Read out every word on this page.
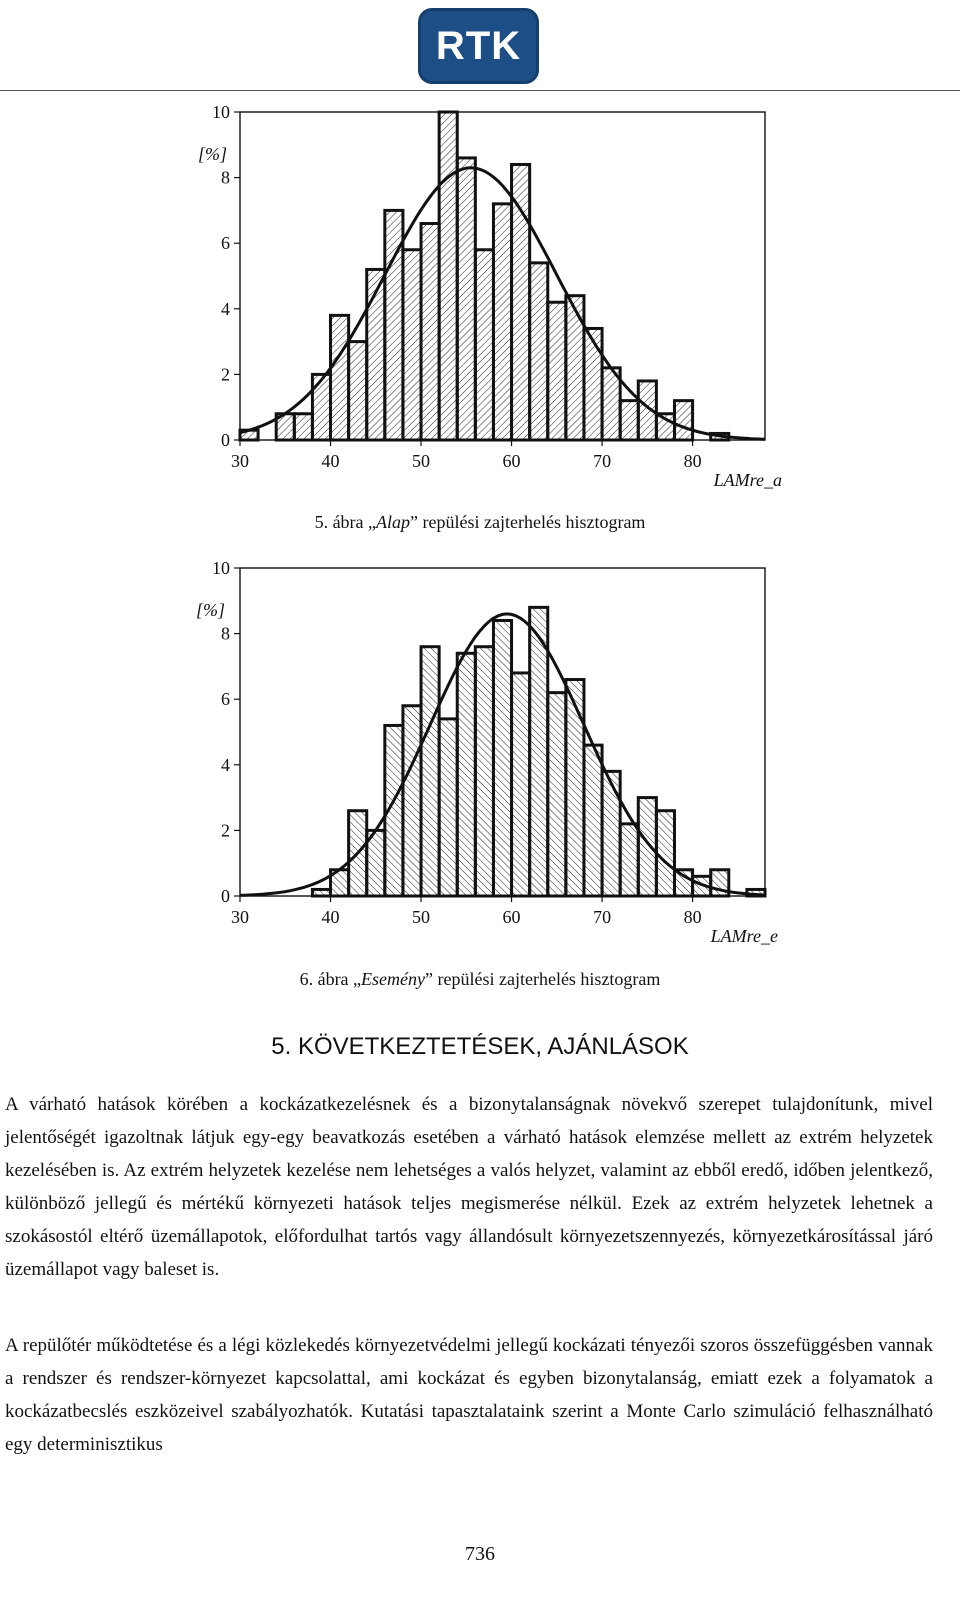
RTK
0
2
4
6
8
10
30	40	50	60	70	80
[%]
LAMre_a
5. ábra „Alap” repülési zajterhelés hisztogram
0
2
4
6
8
10
30	40	50	60	70	80
[%]
LAMre_e
6. ábra „Esemény” repülési zajterhelés hisztogram
5. KÖVETKEZTETÉSEK, AJÁNLÁSOK

A várható hatások körében a kockázatkezelésnek és a bizonytalanságnak növekvő szerepet tulajdonítunk, mivel jelentőségét igazoltnak látjuk egy-egy beavatkozás esetében a várható hatások elemzése mellett az extrém helyzetek kezelésében is. Az extrém helyzetek kezelése nem lehetséges a valós helyzet, valamint az ebből eredő, időben jelentkező, különböző jellegű és mértékű környezeti hatások teljes megismerése nélkül. Ezek az extrém helyzetek lehetnek a szokásostól eltérő üzemállapotok, előfordulhat tartós vagy állandósult környezetszennyezés, környezetkárosítással járó üzemállapot vagy baleset is.

A repülőtér működtetése és a légi közlekedés környezetvédelmi jellegű kockázati tényezői szoros összefüggésben vannak a rendszer és rendszer-környezet kapcsolattal, ami kockázat és egyben bizonytalanság, emiatt ezek a folyamatok a kockázatbecslés eszközeivel szabályozhatók. Kutatási tapasztalataink szerint a Monte Carlo szimuláció felhasználható egy determinisztikus

736
